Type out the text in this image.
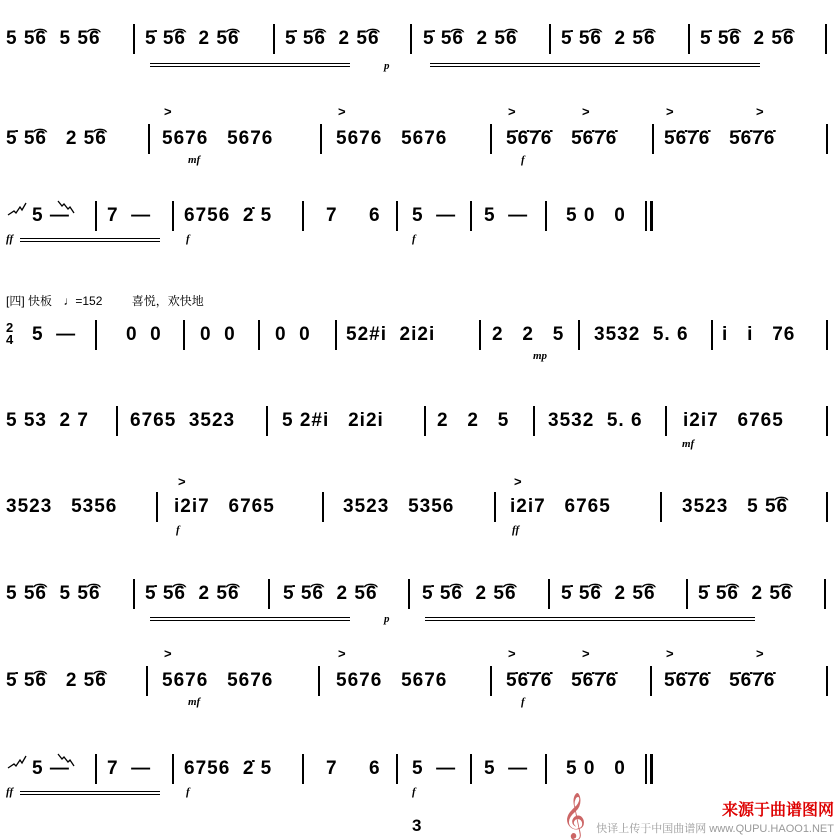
5 5͡6  5 5͡6 5̇ 5͡6  2 5͡6 5̇ 5͡6  2 5͡6 5̇ 5͡6  2 5͡6 5̇ 5͡6  2 5͡6 5̇ 5͡6  2 5͡6
p
5̇ 5͡6   2 5͡6
>
5676   5676
>
5676   5676
>	>
5̇6̇7̇6̇   5̇6̇7̇6̇
>	>
5̇6̇7̇6̇   5̇6̇7̇6̇
mf	f
5 — 7  — 6756  2̇ 5	7     6 5  — 5  — 5 0   0
ff	f	f
[四] 快板 ♩=152 喜悦，欢快地
2
4 5  —	0  0 0  0 0  0 52#i  2i2i	2   2   5 3532  5. 6 i   i   76
mp
5 53  2 7 6765  3523 5 2#i   2i2i	2   2   5 3532  5. 6 i2i7   6765
mf
3523   5356
>
i2i7   6765	3523   5356
>
i2i7   6765	3523   5 5͡6
f	ff
5 5͡6  5 5͡6 5̇ 5͡6  2 5͡6 5̇ 5͡6  2 5͡6 5̇ 5͡6  2 5͡6 5̇ 5͡6  2 5͡6 5̇ 5͡6  2 5͡6
p
5̇ 5͡6   2 5͡6
>
5676   5676
>
5676   5676
>	>
5̇6̇7̇6̇   5̇6̇7̇6̇
>	>
5̇6̇7̇6̇   5̇6̇7̇6̇
mf	f
5 — 7  — 6756  2̇ 5	7     6 5  — 5  — 5 0   0
ff	f	f
3	𝄞	来源于曲谱图网
快译上传于中国曲谱网 www.QUPU.HAOO1.NET
